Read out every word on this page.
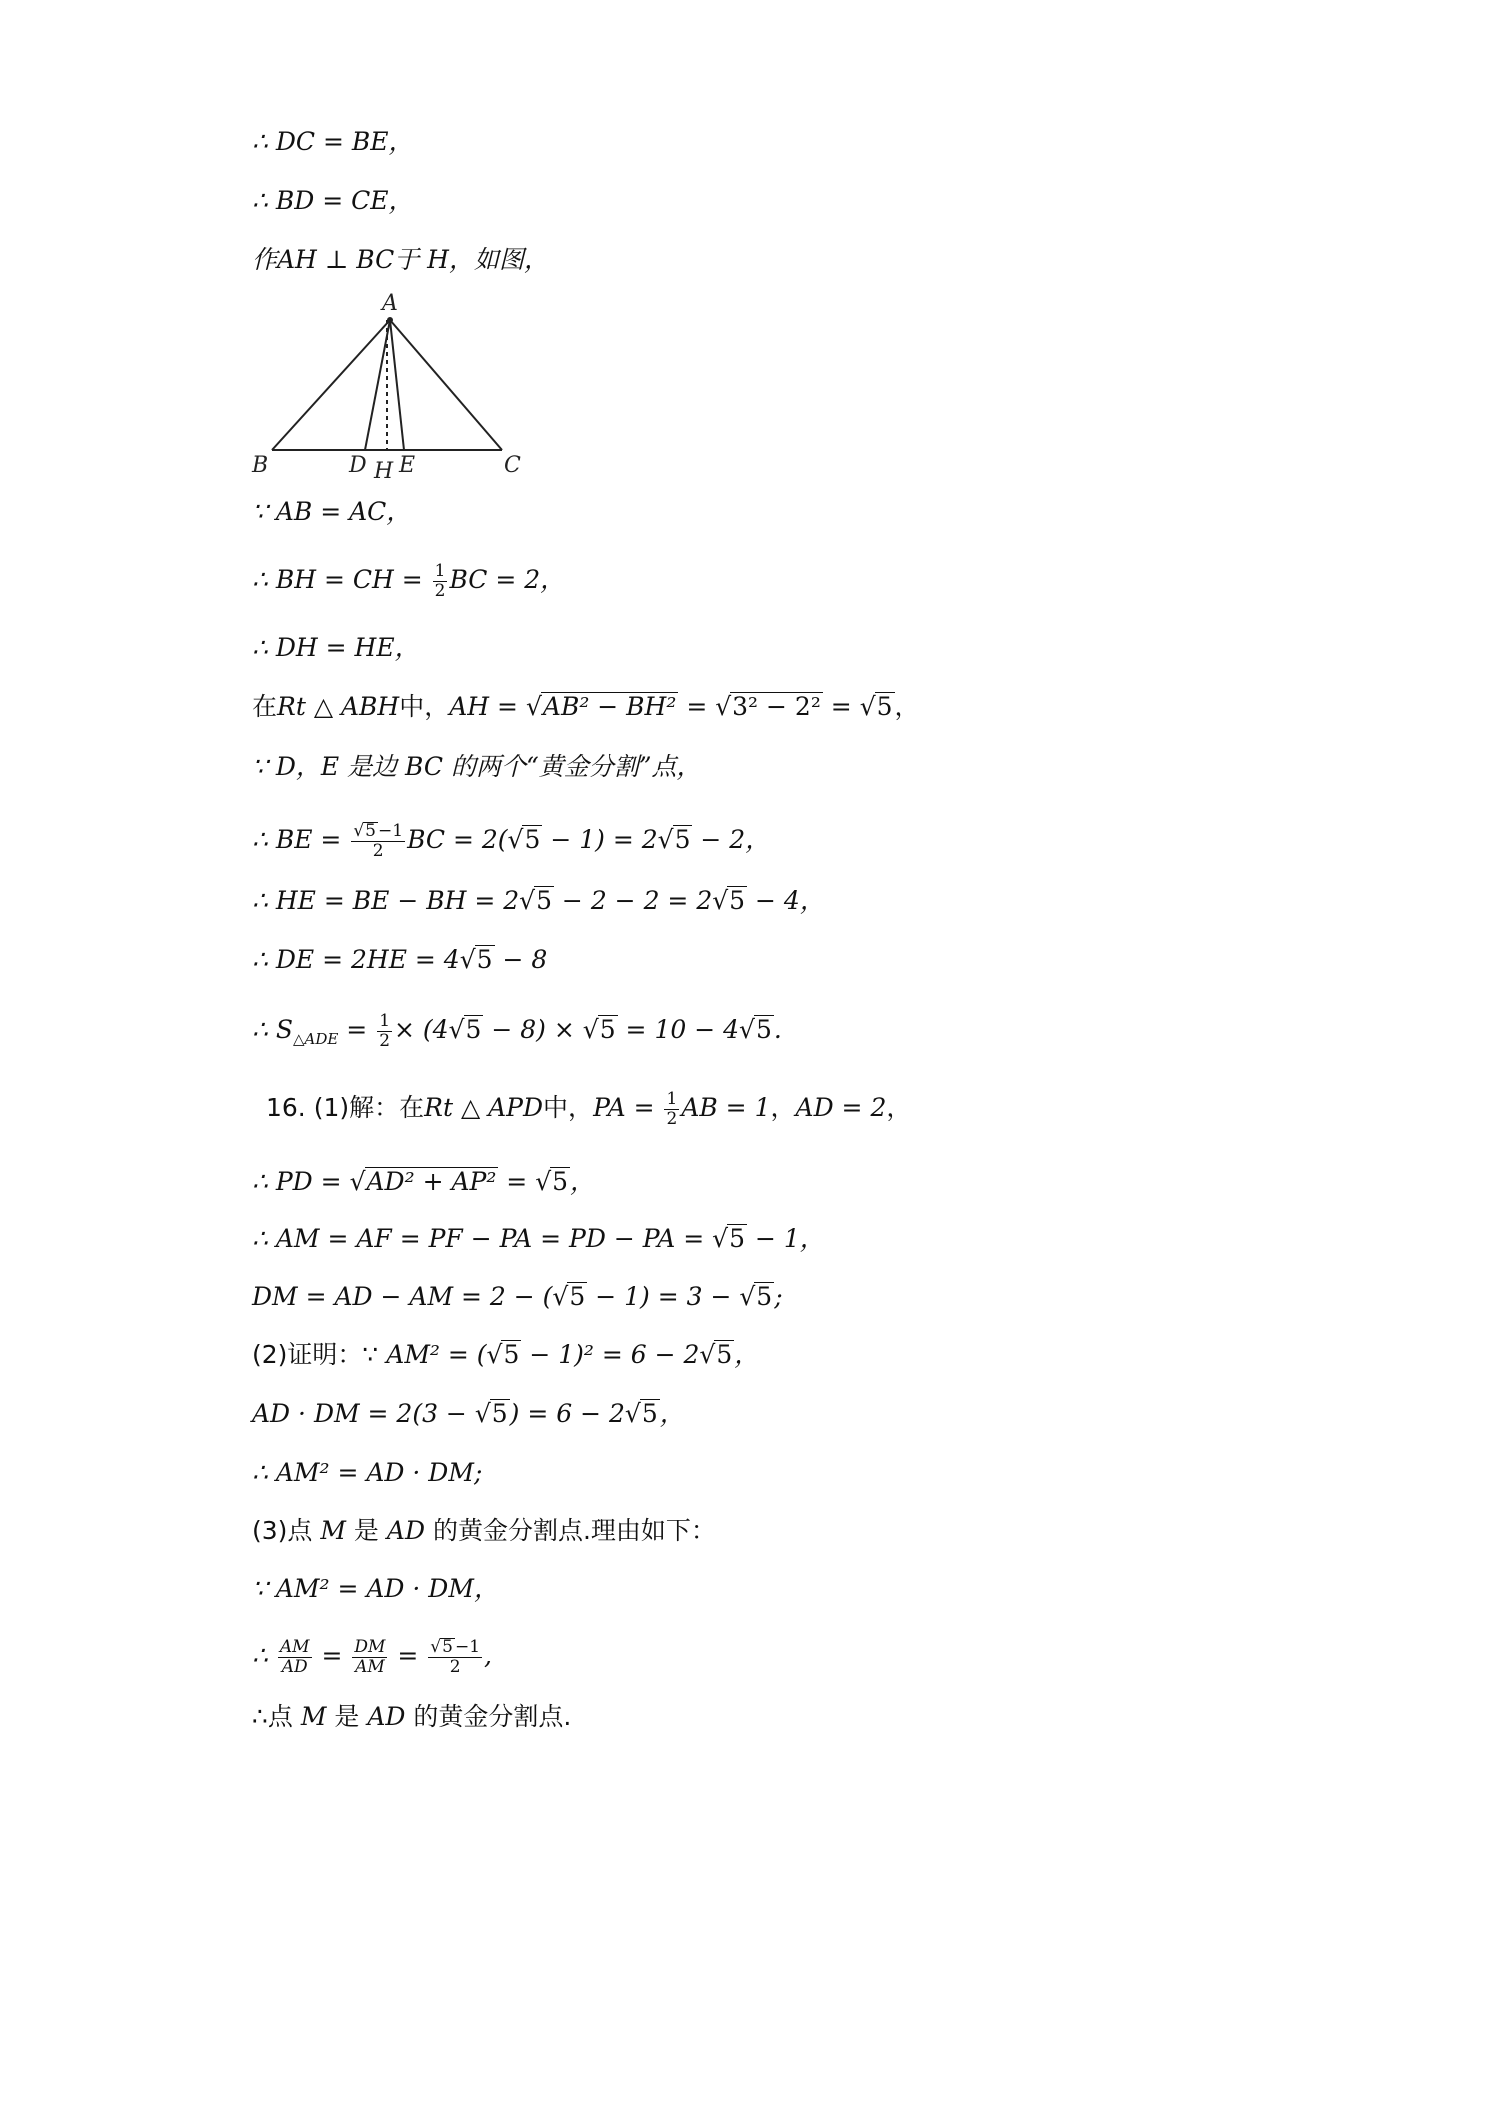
∴ DC = BE，
∴ BD = CE，
作AH ⊥ BC于 H，如图，
A
B	C
D H E
∵ AB = AC，
∴ BH = CH = $\frac{1}{2}$ BC = 2，
∴ DH = HE，
在Rt △ ABH中，AH = √AB² − BH² = √3² − 2² = √5，
∵ D，E 是边 BC 的两个“黄金分割”点，
∴ BE = $\frac{√5 -1}{2}$ BC = 2(√5 − 1) = 2√5 − 2，
∴ HE = BE − BH = 2√5 − 2 − 2 = 2√5 − 4，
∴ DE = 2HE = 4√5 − 8
∴ $S_{\triangle ADE} = \frac{1}{2} \times (4√5 - 8) \times √5 = 10 - 4√5$.
16. (1)解：在Rt △ APD中，PA = $\frac{1}{2}$ AB = 1，AD = 2，
∴ PD = √AD² + AP² = √5，
∴ AM = AF = PF − PA = PD − PA = √5 − 1，
DM = AD − AM = 2 − (√5 − 1) = 3 − √5;
(2)证明：∵ AM² = (√5 − 1)² = 6 − 2√5，
AD · DM = 2(3 − √5) = 6 − 2√5，
∴ AM² = AD · DM;
(3)点 M 是 AD 的黄金分割点.理由如下：
∵ AM² = AD · DM，
∴ $\frac{AM}{AD} = \frac{DM}{AM} = \frac{√5 -1}{2}$ ,
∴点 M 是 AD 的黄金分割点.
